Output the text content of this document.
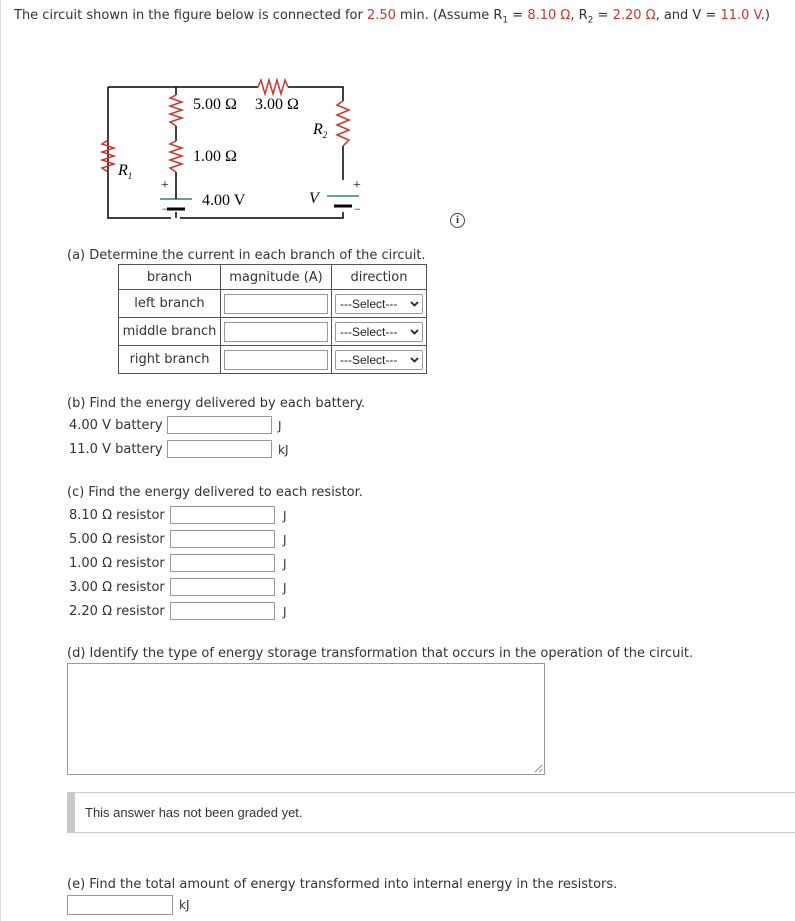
The circuit shown in the figure below is connected for 2.50 min. (Assume $R_1 = 8.10$ Ω, $R_2 = 2.20$ Ω, and V = 11.0 V.)
5.00 Ω 3.00 Ω
$R_2$
1.00 Ω
$R_1$
+
− 4.00 V	V
+
−
i
(a) Determine the current in each branch of the circuit.
branch	magnitude (A)	direction
left branch		---Select---

middle branch		---Select---

right branch		---Select---
(b) Find the energy delivered by each battery.
4.00 V battery	J
11.0 V battery	kJ
(c) Find the energy delivered to each resistor.
8.10 Ω resistor	J
5.00 Ω resistor	J
1.00 Ω resistor	J
3.00 Ω resistor	J
2.20 Ω resistor	J
(d) Identify the type of energy storage transformation that occurs in the operation of the circuit.
This answer has not been graded yet.
(e) Find the total amount of energy transformed into internal energy in the resistors.
kJ
